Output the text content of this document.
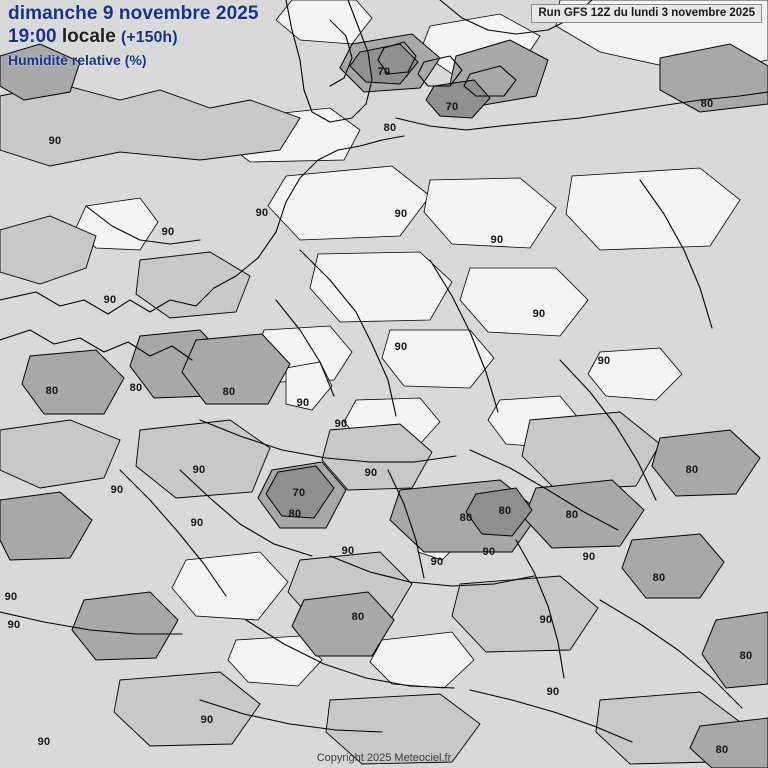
dimanche 9 novembre 2025
19:00 locale (+150h)
Humidité relative (%)
Run GFS 12Z du lundi 3 novembre 2025
Copyright 2025 Meteociel.fr
70
70
80
80
90
90	90
90
90
90
90
90
90
80	80	80
90
90
90	90	80
90	70
80	80
80	80
90
90
90
90	90
80
90
90
80	90
80
90
90
90
80
